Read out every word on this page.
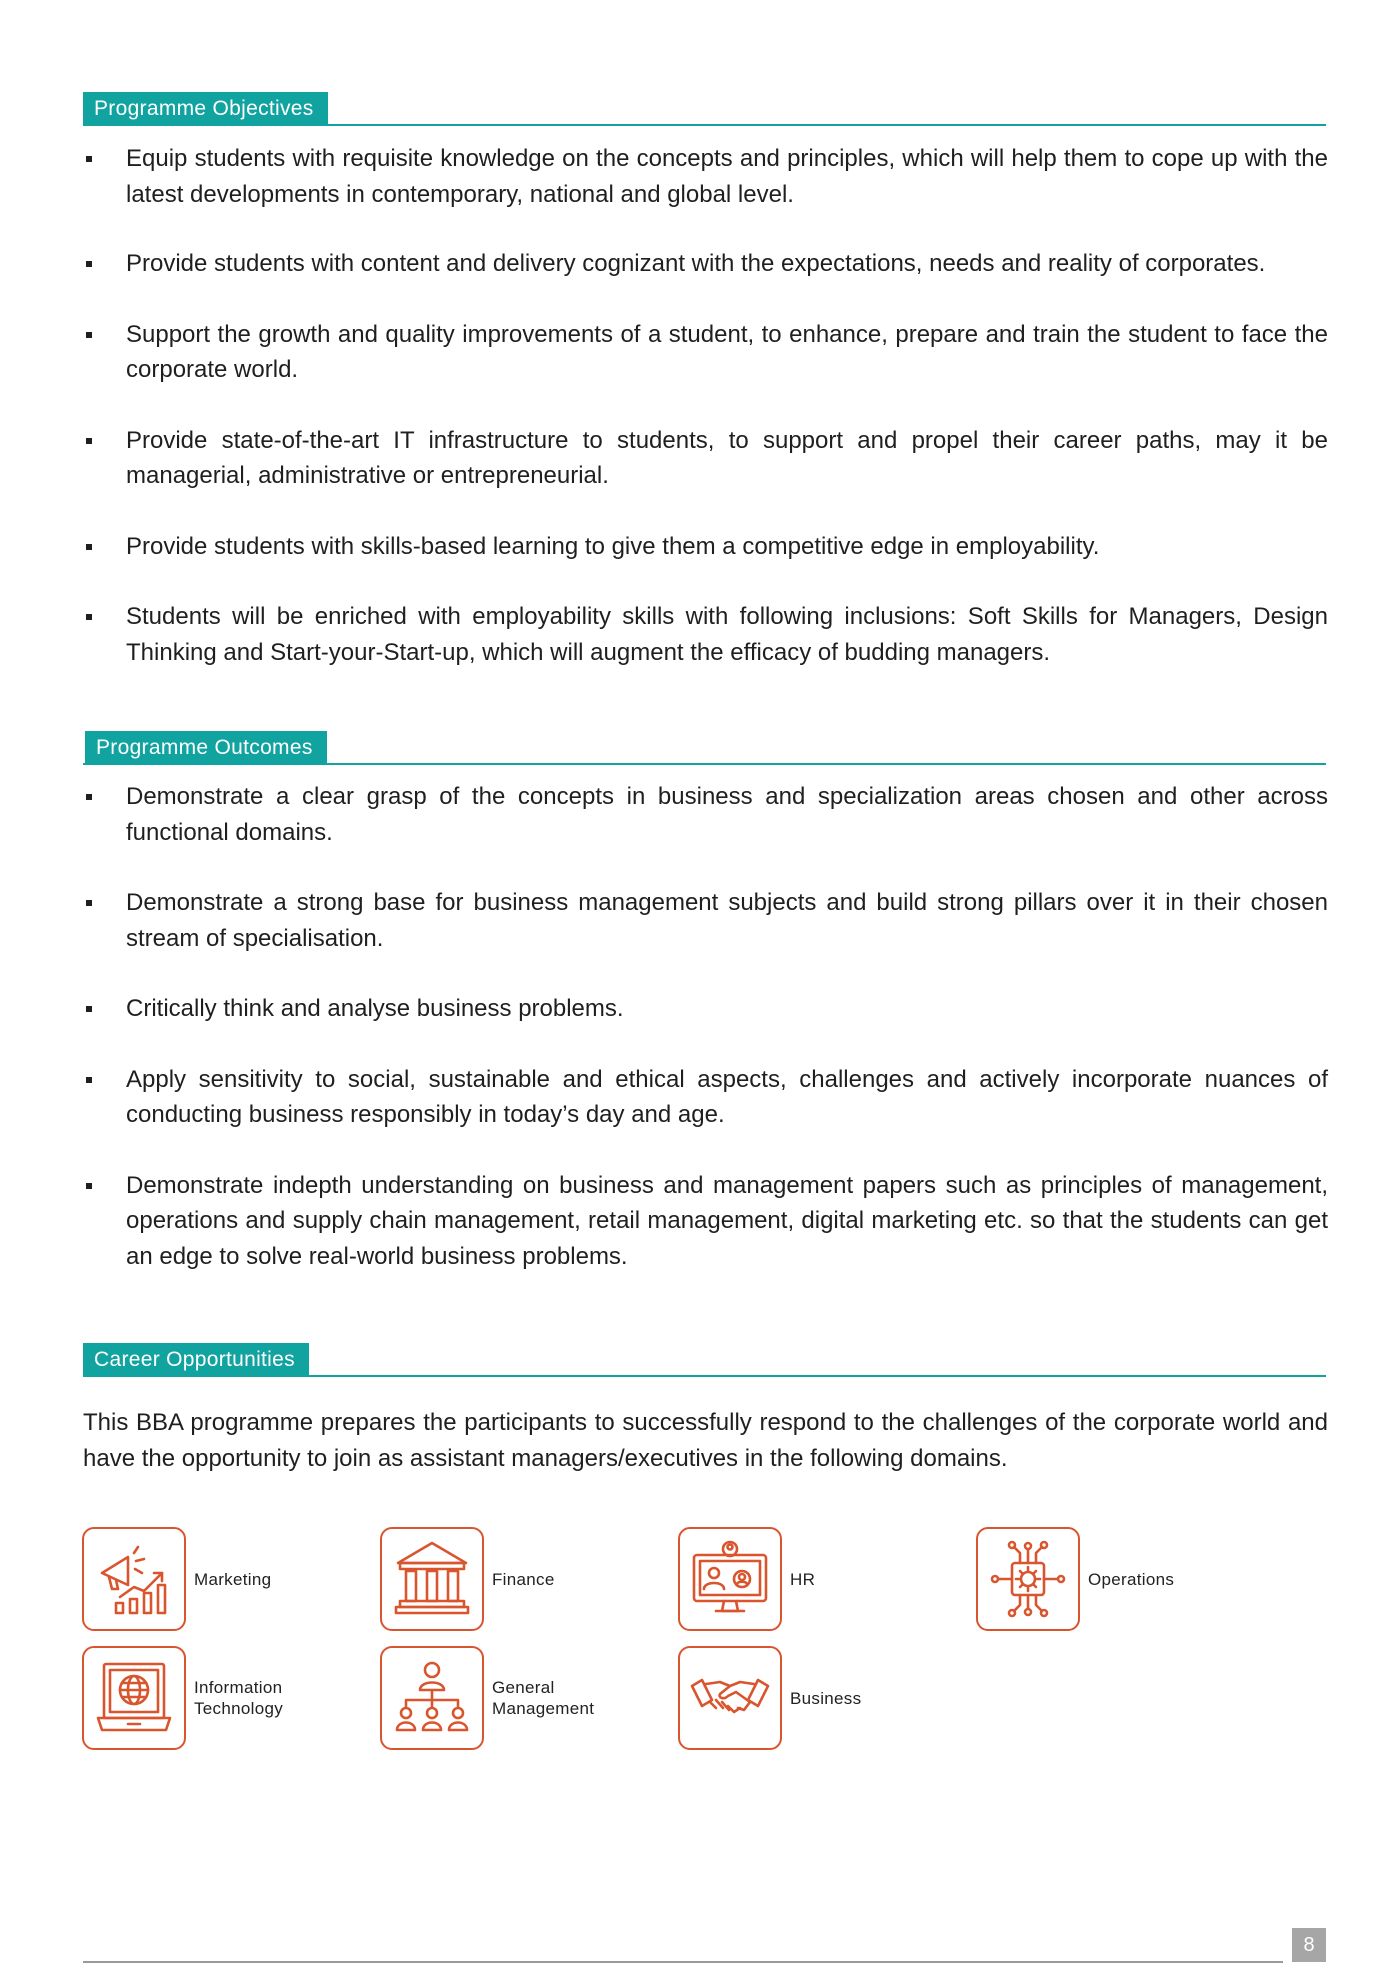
Programme Objectives
Equip students with requisite knowledge on the concepts and principles, which will help them to cope up with the latest developments in contemporary, national and global level.
Provide students with content and delivery cognizant with the expectations, needs and reality of corporates.
Support the growth and quality improvements of a student, to enhance, prepare and train the student to face the corporate world.
Provide state-of-the-art IT infrastructure to students, to support and propel their career paths, may it be managerial, administrative or entrepreneurial.
Provide students with skills-based learning to give them a competitive edge in employability.
Students will be enriched with employability skills with following inclusions: Soft Skills for Managers, Design Thinking and Start-your-Start-up, which will augment the efficacy of budding managers.
Programme Outcomes
Demonstrate a clear grasp of the concepts in business and specialization areas chosen and other across functional domains.
Demonstrate a strong base for business management subjects and build strong pillars over it in their chosen stream of specialisation.
Critically think and analyse business problems.
Apply sensitivity to social, sustainable and ethical aspects, challenges and actively incorporate nuances of conducting business responsibly in today’s day and age.
Demonstrate indepth understanding on business and management papers such as principles of management, operations and supply chain management, retail management, digital marketing etc. so that the students can get an edge to solve real-world business problems.
Career Opportunities

This BBA programme prepares the participants to successfully respond to the challenges of the corporate world and have the opportunity to join as assistant managers/executives in the following domains.

Marketing	Finance	HR	Operations
Information
Technology
General
Management
Business
8
